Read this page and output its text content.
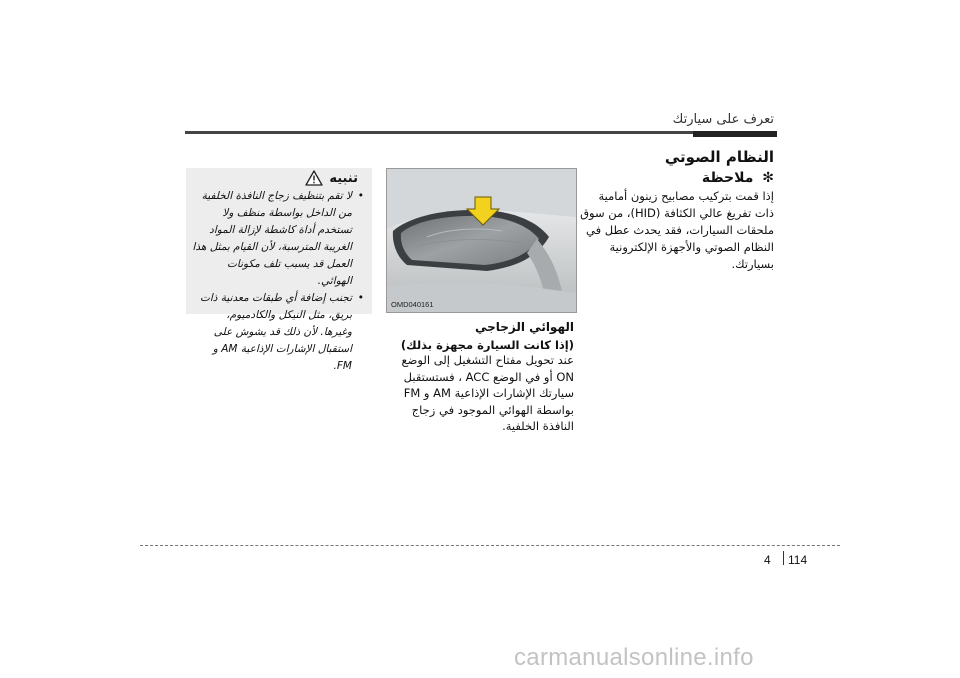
تعرف على سيارتك
النظام الصوتي
✻ ملاحظة
إذا قمت بتركيب مصابيح زينون أمامية ذات تفريغ عالي الكثافة (HID)، من سوق ملحقات السيارات، فقد يحدث عطل في النظام الصوتي والأجهزة الإلكترونية بسيارتك.
OMD040161
الهوائي الزجاجي
(إذا كانت السيارة مجهزة بذلك)
عند تحويل مفتاح التشغيل إلى الوضع ON أو في الوضع ACC ، فستستقبل سيارتك الإشارات الإذاعية AM و FM بواسطة الهوائي الموجود في زجاج النافذة الخلفية.
تنبيه
• لا تقم بتنظيف زجاج النافذة الخلفية من الداخل بواسطة منظف ولا تستخدم أداة كاشطة لإزالة المواد الغريبة المترسبة، لأن القيام بمثل هذا العمل قد يسبب تلف مكونات الهوائي.
• تجنب إضافة أي طبقات معدنية ذات بريق، مثل النيكل والكادميوم، وغيرها. لأن ذلك قد يشوش على استقبال الإشارات الإذاعية AM و FM.
4 114
carmanualsonline.info
